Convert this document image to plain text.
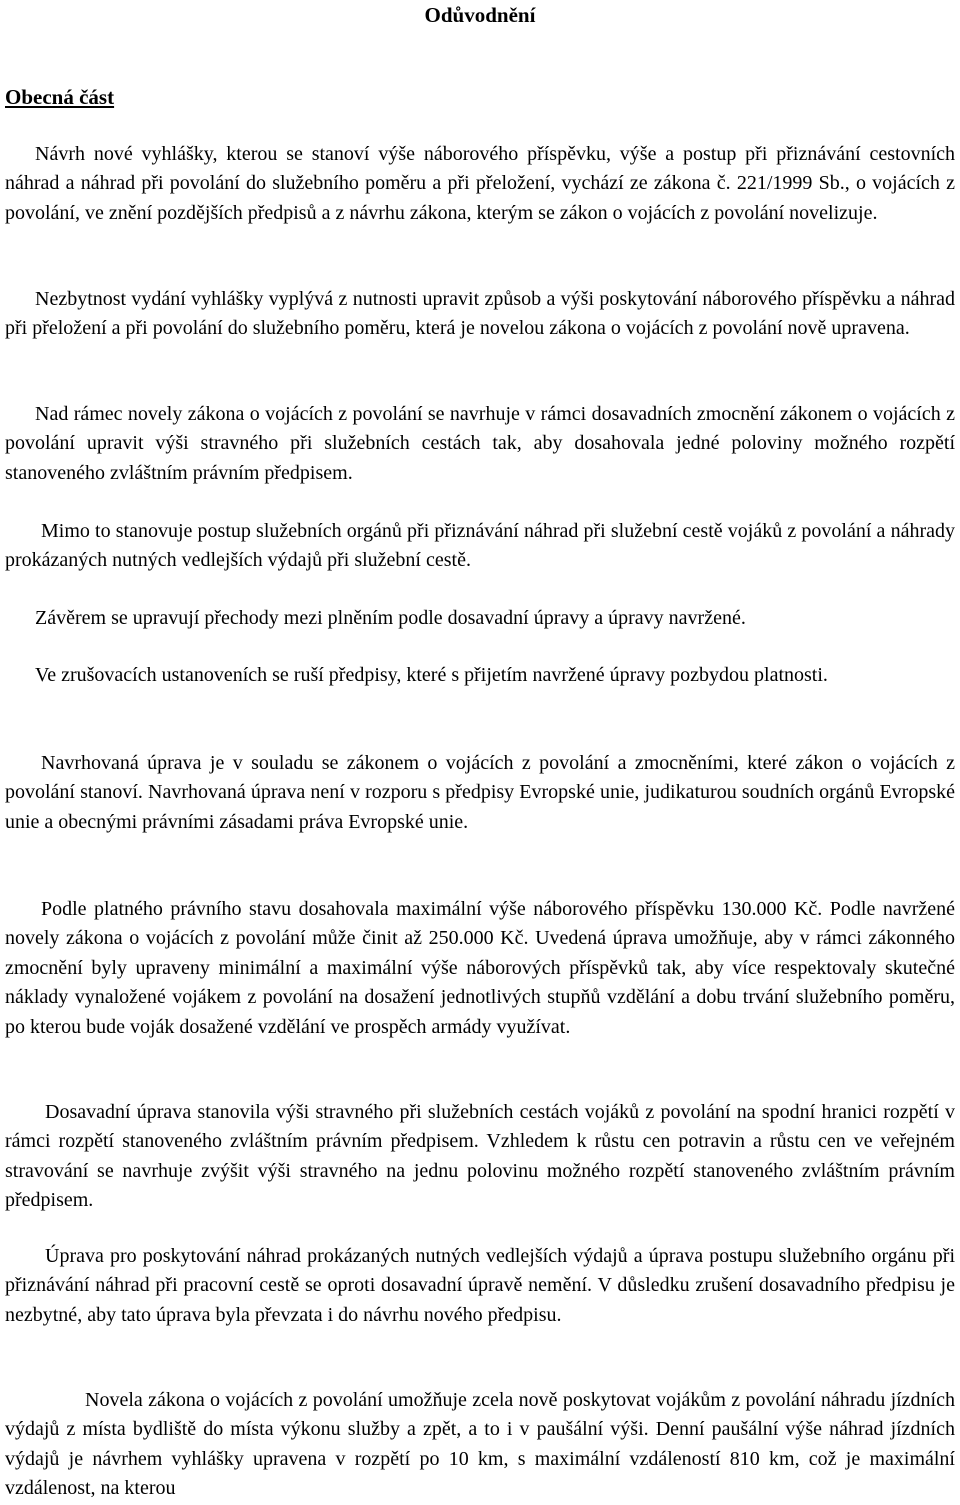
Odůvodnění
Obecná část

Návrh nové vyhlášky, kterou se stanoví výše náborového příspěvku, výše a postup při přiznávání cestovních náhrad a náhrad při povolání do služebního poměru a při přeložení, vychází ze zákona č. 221/1999 Sb., o vojácích z povolání, ve znění pozdějších předpisů a z návrhu zákona, kterým se zákon o vojácích z povolání novelizuje.

Nezbytnost vydání vyhlášky vyplývá z nutnosti upravit způsob a výši poskytování náborového příspěvku a náhrad při přeložení a při povolání do služebního poměru, která je novelou zákona o vojácích z povolání nově upravena.

Nad rámec novely zákona o vojácích z povolání se navrhuje v rámci dosavadních zmocnění zákonem o vojácích z povolání upravit výši stravného při služebních cestách tak, aby dosahovala jedné poloviny možného rozpětí stanoveného zvláštním právním předpisem.

Mimo to stanovuje postup služebních orgánů při přiznávání náhrad při služební cestě vojáků z povolání a náhrady prokázaných nutných vedlejších výdajů při služební cestě.

Závěrem se upravují přechody mezi plněním podle dosavadní úpravy a úpravy navržené.

Ve zrušovacích ustanoveních se ruší předpisy, které s přijetím navržené úpravy pozbydou platnosti.

Navrhovaná úprava je v souladu se zákonem o vojácích z povolání a zmocněními, které zákon o vojácích z povolání stanoví. Navrhovaná úprava není v rozporu s předpisy Evropské unie, judikaturou soudních orgánů Evropské unie a obecnými právními zásadami práva Evropské unie.

Podle platného právního stavu dosahovala maximální výše náborového příspěvku 130.000 Kč. Podle navržené novely zákona o vojácích z povolání může činit až 250.000 Kč. Uvedená úprava umožňuje, aby v rámci zákonného zmocnění byly upraveny minimální a maximální výše náborových příspěvků tak, aby více respektovaly skutečné náklady vynaložené vojákem z povolání na dosažení jednotlivých stupňů vzdělání a dobu trvání služebního poměru, po kterou bude voják dosažené vzdělání ve prospěch armády využívat.

Dosavadní úprava stanovila výši stravného při služebních cestách vojáků z povolání na spodní hranici rozpětí v rámci rozpětí stanoveného zvláštním právním předpisem. Vzhledem k růstu cen potravin a růstu cen ve veřejném stravování se navrhuje zvýšit výši stravného na jednu polovinu možného rozpětí stanoveného zvláštním právním předpisem.

Úprava pro poskytování náhrad prokázaných nutných vedlejších výdajů a úprava postupu služebního orgánu při přiznávání náhrad při pracovní cestě se oproti dosavadní úpravě nemění. V důsledku zrušení dosavadního předpisu je nezbytné, aby tato úprava byla převzata i do návrhu nového předpisu.

Novela zákona o vojácích z povolání umožňuje zcela nově poskytovat vojákům z povolání náhradu jízdních výdajů z místa bydliště do místa výkonu služby a zpět, a to i v paušální výši. Denní paušální výše náhrad jízdních výdajů je návrhem vyhlášky upravena v rozpětí po 10 km, s maximální vzdáleností 810 km, což je maximální vzdálenost, na kterou
